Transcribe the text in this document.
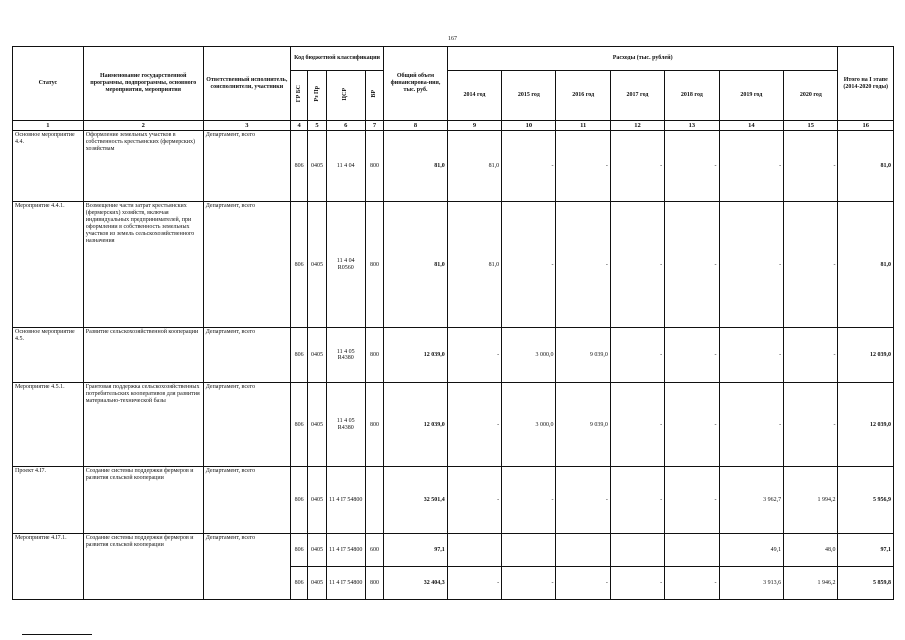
167
Статус	Наименование государственной программы, подпрограммы, основного мероприятия, мероприятия	Ответственный исполнитель, соисполнители, участники	Код бюджетной классификации				Общий объем финансирова-ния, тыс. руб.	Расходы (тыс. рублей)							Итого на I этапе (2014-2020 годы)
			ГР БС	Рз Пр	ЦСР	ВР		2014 год	2015 год	2016 год	2017 год	2018 год	2019 год	2020 год	
1	2	3	4	5	6	7	8	9	10	11	12	13	14	15	16
Основное мероприятие 4.4.	Оформление земельных участков в собственность крестьянских (фермерских) хозяйствам	Департамент, всего	806	0405	11 4 04	800	81,0	81,0	-	-	-	-	-	-	81,0
Мероприятие 4.4.1.	Возмещение части затрат крестьянских (фермерских) хозяйств, включая индивидуальных предпринимателей, при оформлении в собственность земельных участков из земель сельскохозяйственного назначения	Департамент, всего	806	0405	11 4 04 R0560	800	81,0	81,0	-	-	-	-	-	-	81,0
Основное мероприятие 4.5.	Развитие сельскохозяйственной кооперации	Департамент, всего	806	0405	11 4 05 R4380	800	12 039,0	-	3 000,0	9 039,0	-	-	-	-	12 039,0
Мероприятие 4.5.1.	Грантовая поддержка сельскохозяйственных потребительских кооперативов для развития материально-технической базы	Департамент, всего	806	0405	11 4 05 R4380	800	12 039,0	-	3 000,0	9 039,0	-	-	-	-	12 039,0
Проект 4.I7.	Создание системы поддержки фермеров и развития сельской кооперации	Департамент, всего	806	0405	11 4 I7 54800		32 501,4	-	-	-	-	-	3 962,7	1 994,2	5 956,9
Мероприятие 4.I7.1.	Создание системы поддержки фермеров и развития сельской кооперации	Департамент, всего	806	0405	11 4 I7 54800	600	97,1						49,1	48,0	97,1
			806	0405	11 4 I7 54800	800	32 404,3	-	-	-	-	-	3 913,6	1 946,2	5 859,8
